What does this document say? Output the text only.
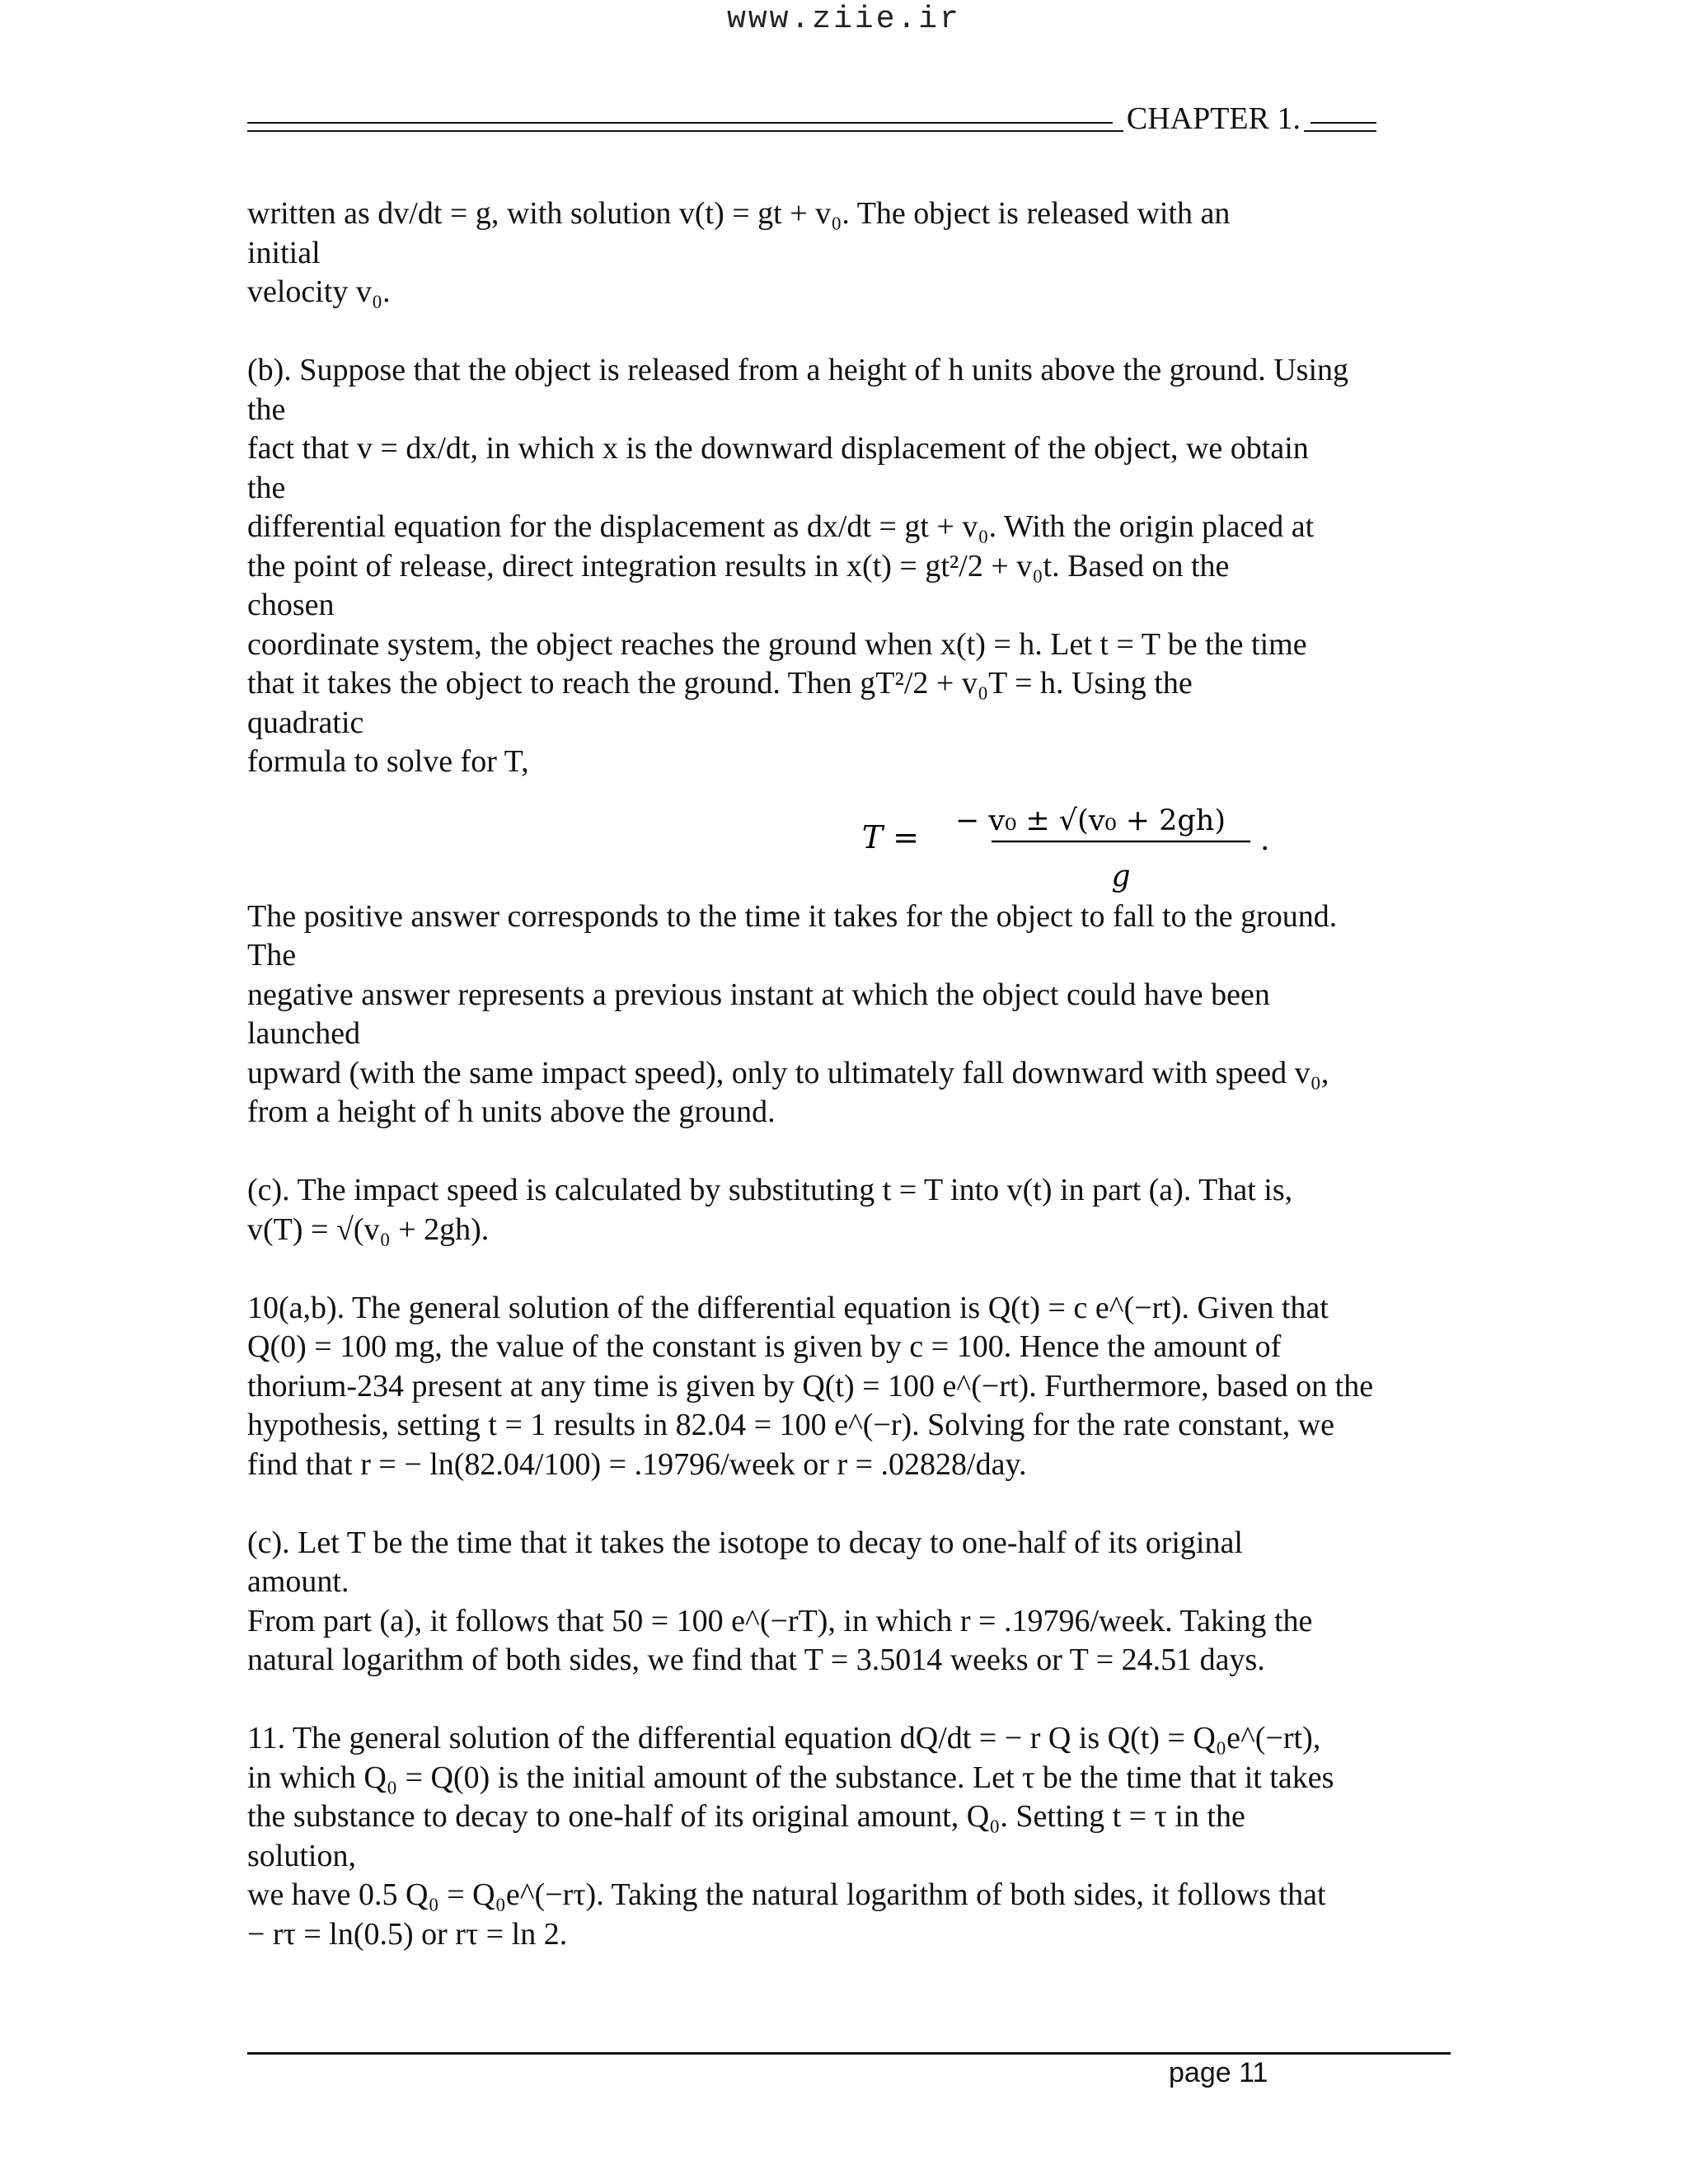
www.ziie.ir
CHAPTER 1.
written as dv/dt = g, with solution v(t) = gt + v₀. The object is released with an
initial
velocity v₀.
(b). Suppose that the object is released from a height of h units above the ground. Using
the
fact that v = dx/dt, in which x is the downward displacement of the object, we obtain
the
differential equation for the displacement as dx/dt = gt + v₀. With the origin placed at
the point of release, direct integration results in x(t) = gt²/2 + v₀t. Based on the
chosen
coordinate system, the object reaches the ground when x(t) = h. Let t = T be the time
that it takes the object to reach the ground. Then gT²/2 + v₀T = h. Using the
quadratic
formula to solve for T,
T = − v₀ ± √(v₀ + 2gh)
g
.
The positive answer corresponds to the time it takes for the object to fall to the ground.
The
negative answer represents a previous instant at which the object could have been
launched
upward (with the same impact speed), only to ultimately fall downward with speed v₀,
from a height of h units above the ground.
(c). The impact speed is calculated by substituting t = T into v(t) in part (a). That is,
v(T) = √(v₀ + 2gh).
10(a,b). The general solution of the differential equation is Q(t) = c e^(−rt). Given that
Q(0) = 100 mg, the value of the constant is given by c = 100. Hence the amount of
thorium-234 present at any time is given by Q(t) = 100 e^(−rt). Furthermore, based on the
hypothesis, setting t = 1 results in 82.04 = 100 e^(−r). Solving for the rate constant, we
find that r = − ln(82.04/100) = .19796/week or r = .02828/day.
(c). Let T be the time that it takes the isotope to decay to one-half of its original
amount.
From part (a), it follows that 50 = 100 e^(−rT), in which r = .19796/week. Taking the
natural logarithm of both sides, we find that T = 3.5014 weeks or T = 24.51 days.
11. The general solution of the differential equation dQ/dt = − r Q is Q(t) = Q₀e^(−rt),
in which Q₀ = Q(0) is the initial amount of the substance. Let τ be the time that it takes
the substance to decay to one-half of its original amount, Q₀. Setting t = τ in the
solution,
we have 0.5 Q₀ = Q₀e^(−rτ). Taking the natural logarithm of both sides, it follows that
− rτ = ln(0.5) or rτ = ln 2.
page 11
